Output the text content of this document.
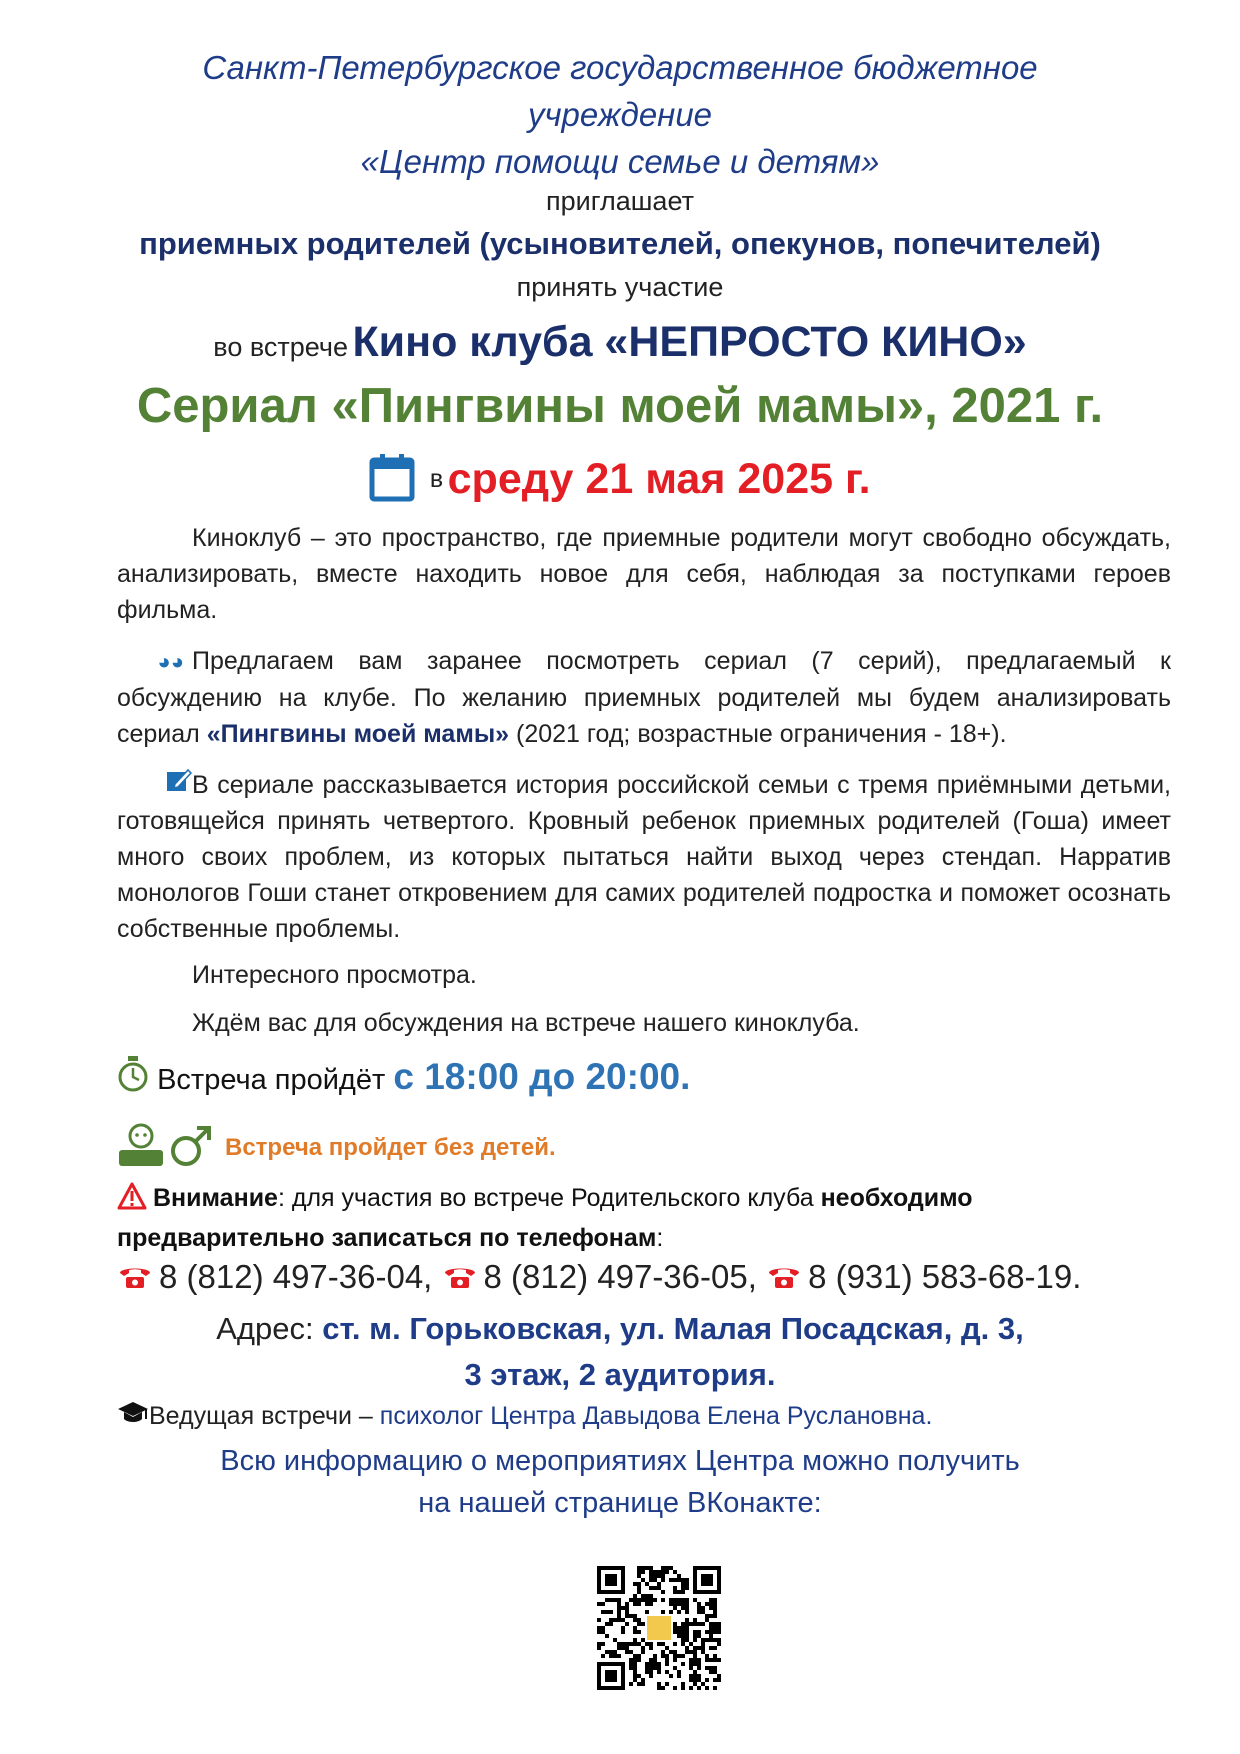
Санкт-Петербургское государственное бюджетное
учреждение
«Центр помощи семье и детям»
приглашает
приемных родителей (усыновителей, опекунов, попечителей)
принять участие
во встрече Кино клуба «НЕПРОСТО КИНО»
Сериал «Пингвины моей мамы», 2021 г.
в среду 21 мая 2025 г.
Киноклуб – это пространство, где приемные родители могут свободно обсуждать, анализировать, вместе находить новое для себя, наблюдая за поступками героев фильма.
◕◕ Предлагаем вам заранее посмотреть сериал (7 серий), предлагаемый к обсуждению на клубе. По желанию приемных родителей мы будем анализировать сериал «Пингвины моей мамы» (2021 год; возрастные ограничения - 18+).
В сериале рассказывается история российской семьи с тремя приёмными детьми, готовящейся принять четвертого. Кровный ребенок приемных родителей (Гоша) имеет много своих проблем, из которых пытаться найти выход через стендап. Нарратив монологов Гоши станет откровением для самих родителей подростка и поможет осознать собственные проблемы.
Интересного просмотра.
Ждём вас для обсуждения на встрече нашего киноклуба.
Встреча пройдёт с 18:00 до 20:00.
Встреча пройдет без детей.
Внимание: для участия во встрече Родительского клуба необходимо предварительно записаться по телефонам:
8 (812) 497-36-04, 8 (812) 497-36-05, 8 (931) 583-68-19.
Адрес: ст. м. Горьковская, ул. Малая Посадская, д. 3,
3 этаж, 2 аудитория.
Ведущая встречи – психолог Центра Давыдова Елена Руслановна.
Всю информацию о мероприятиях Центра можно получить
на нашей странице ВКонакте:
